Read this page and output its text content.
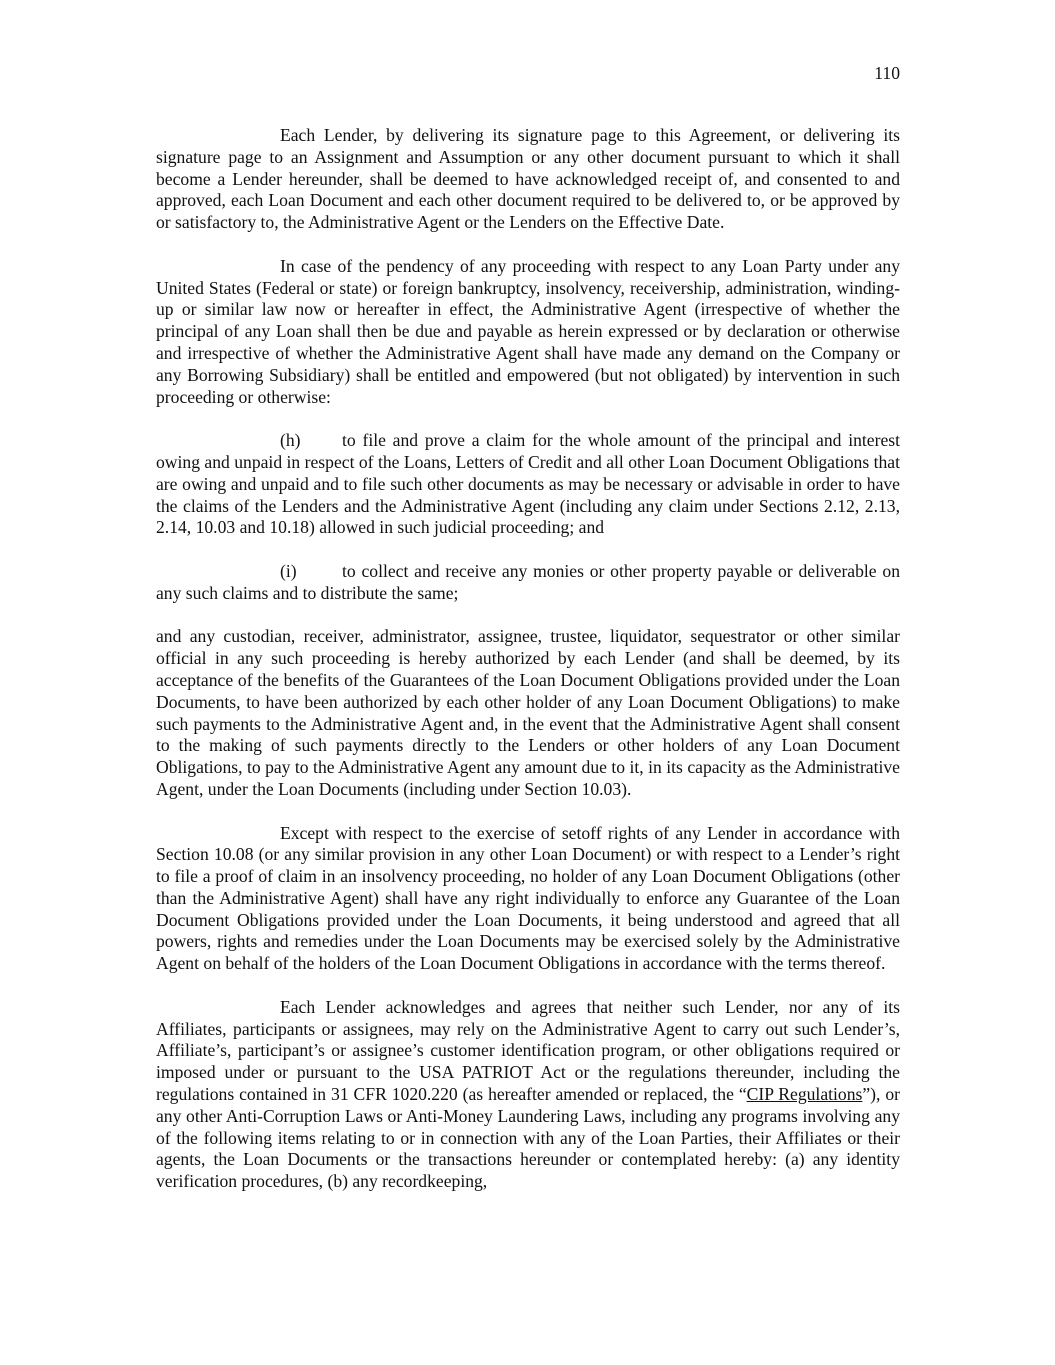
110

Each Lender, by delivering its signature page to this Agreement, or delivering its signature page to an Assignment and Assumption or any other document pursuant to which it shall become a Lender hereunder, shall be deemed to have acknowledged receipt of, and consented to and approved, each Loan Document and each other document required to be delivered to, or be approved by or satisfactory to, the Administrative Agent or the Lenders on the Effective Date.

In case of the pendency of any proceeding with respect to any Loan Party under any United States (Federal or state) or foreign bankruptcy, insolvency, receivership, administration, winding-up or similar law now or hereafter in effect, the Administrative Agent (irrespective of whether the principal of any Loan shall then be due and payable as herein expressed or by declaration or otherwise and irrespective of whether the Administrative Agent shall have made any demand on the Company or any Borrowing Subsidiary) shall be entitled and empowered (but not obligated) by intervention in such proceeding or otherwise:

(h) to file and prove a claim for the whole amount of the principal and interest owing and unpaid in respect of the Loans, Letters of Credit and all other Loan Document Obligations that are owing and unpaid and to file such other documents as may be necessary or advisable in order to have the claims of the Lenders and the Administrative Agent (including any claim under Sections 2.12, 2.13, 2.14, 10.03 and 10.18) allowed in such judicial proceeding; and

(i)	to collect and receive any monies or other property payable or deliverable on any such claims and to distribute the same;

and any custodian, receiver, administrator, assignee, trustee, liquidator, sequestrator or other similar official in any such proceeding is hereby authorized by each Lender (and shall be deemed, by its acceptance of the benefits of the Guarantees of the Loan Document Obligations provided under the Loan Documents, to have been authorized by each other holder of any Loan Document Obligations) to make such payments to the Administrative Agent and, in the event that the Administrative Agent shall consent to the making of such payments directly to the Lenders or other holders of any Loan Document Obligations, to pay to the Administrative Agent any amount due to it, in its capacity as the Administrative Agent, under the Loan Documents (including under Section 10.03).

Except with respect to the exercise of setoff rights of any Lender in accordance with Section 10.08 (or any similar provision in any other Loan Document) or with respect to a Lender’s right to file a proof of claim in an insolvency proceeding, no holder of any Loan Document Obligations (other than the Administrative Agent) shall have any right individually to enforce any Guarantee of the Loan Document Obligations provided under the Loan Documents, it being understood and agreed that all powers, rights and remedies under the Loan Documents may be exercised solely by the Administrative Agent on behalf of the holders of the Loan Document Obligations in accordance with the terms thereof.

Each Lender acknowledges and agrees that neither such Lender, nor any of its Affiliates, participants or assignees, may rely on the Administrative Agent to carry out such Lender’s, Affiliate’s, participant’s or assignee’s customer identification program, or other obligations required or imposed under or pursuant to the USA PATRIOT Act or the regulations thereunder, including the regulations contained in 31 CFR 1020.220 (as hereafter amended or replaced, the “CIP Regulations”), or any other Anti-Corruption Laws or Anti-Money Laundering Laws, including any programs involving any of the following items relating to or in connection with any of the Loan Parties, their Affiliates or their agents, the Loan Documents or the transactions hereunder or contemplated hereby: (a) any identity verification procedures, (b) any recordkeeping,
